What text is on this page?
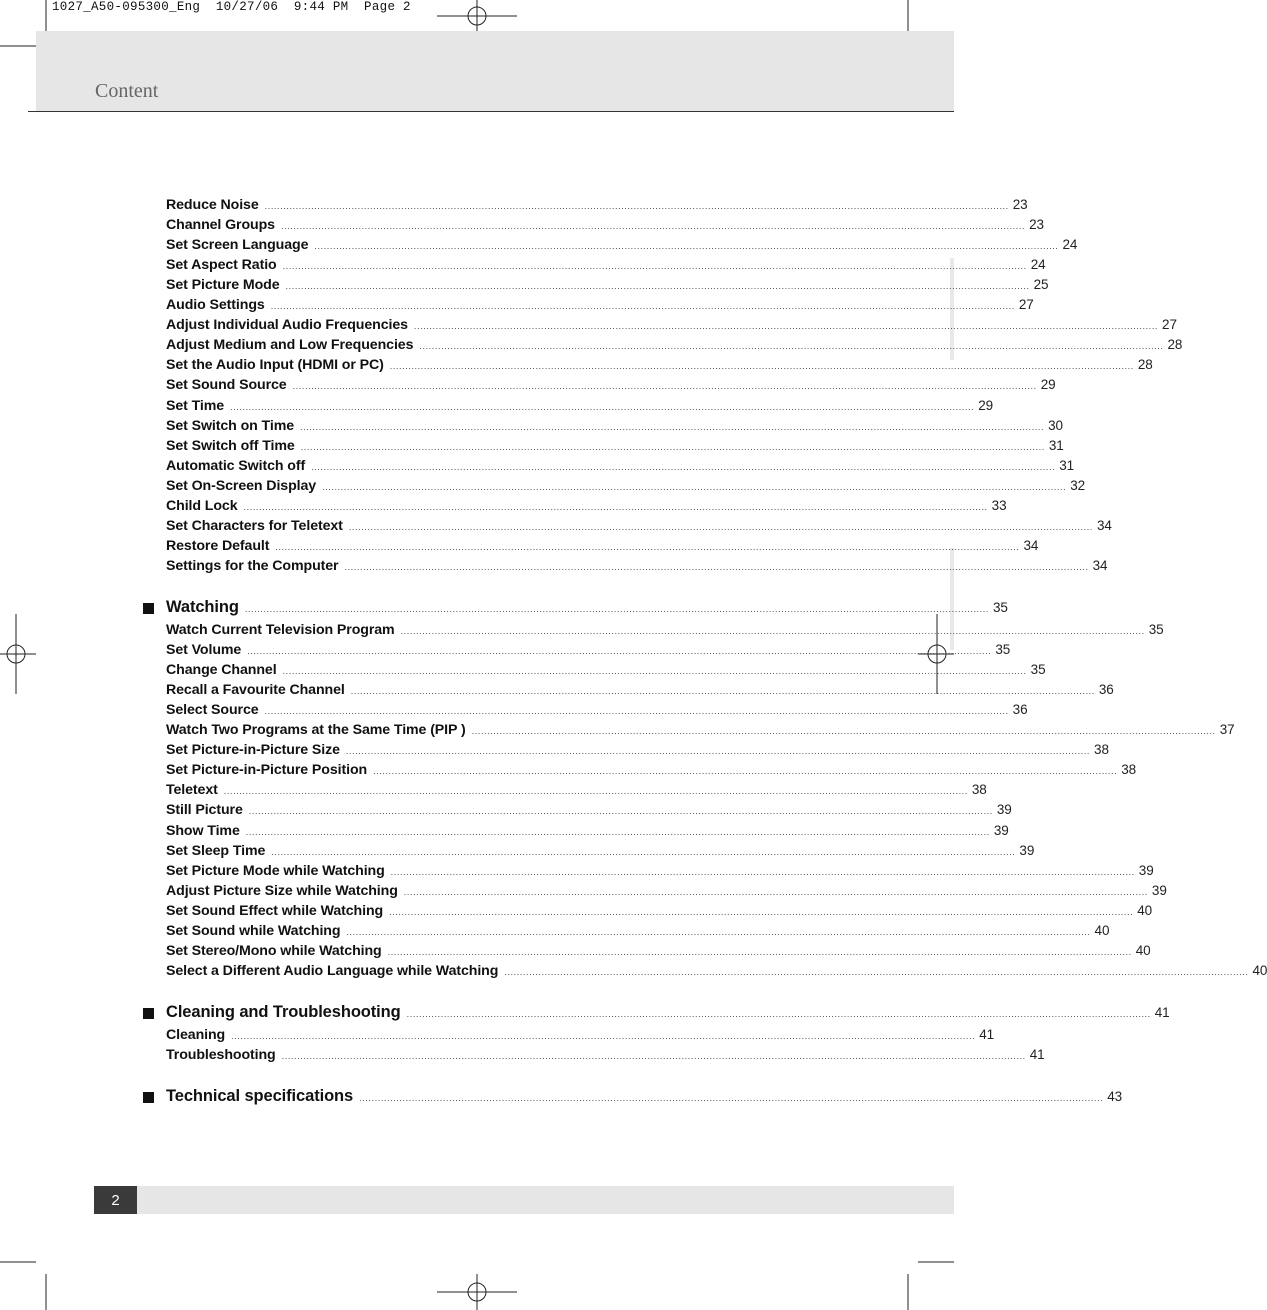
1027_A50-095300_Eng  10/27/06  9:44 PM  Page 2
Content
Reduce Noise ................................................................................................................................................................................................................................................ 23
Channel Groups ................................................................................................................................................................................................................................................ 23
Set Screen Language ................................................................................................................................................................................................................................................ 24
Set Aspect Ratio ................................................................................................................................................................................................................................................ 24
Set Picture Mode ................................................................................................................................................................................................................................................ 25
Audio Settings ................................................................................................................................................................................................................................................ 27
Adjust Individual Audio Frequencies ................................................................................................................................................................................................................................................ 27
Adjust Medium and Low Frequencies ................................................................................................................................................................................................................................................ 28
Set the Audio Input (HDMI or PC) ................................................................................................................................................................................................................................................ 28
Set Sound Source ................................................................................................................................................................................................................................................ 29
Set Time ................................................................................................................................................................................................................................................ 29
Set Switch on Time ................................................................................................................................................................................................................................................ 30
Set Switch off Time ................................................................................................................................................................................................................................................ 31
Automatic Switch off ................................................................................................................................................................................................................................................ 31
Set On-Screen Display ................................................................................................................................................................................................................................................ 32
Child Lock ................................................................................................................................................................................................................................................ 33
Set Characters for Teletext ................................................................................................................................................................................................................................................ 34
Restore Default ................................................................................................................................................................................................................................................ 34
Settings for the Computer ................................................................................................................................................................................................................................................ 34
Watching ................................................................................................................................................................................................................................................ 35
Watch Current Television Program ................................................................................................................................................................................................................................................ 35
Set Volume ................................................................................................................................................................................................................................................ 35
Change Channel ................................................................................................................................................................................................................................................ 35
Recall a Favourite Channel ................................................................................................................................................................................................................................................ 36
Select Source ................................................................................................................................................................................................................................................ 36
Watch Two Programs at the Same Time (PIP ) ................................................................................................................................................................................................................................................ 37
Set Picture-in-Picture Size ................................................................................................................................................................................................................................................ 38
Set Picture-in-Picture Position ................................................................................................................................................................................................................................................ 38
Teletext ................................................................................................................................................................................................................................................ 38
Still Picture ................................................................................................................................................................................................................................................ 39
Show Time ................................................................................................................................................................................................................................................ 39
Set Sleep Time ................................................................................................................................................................................................................................................ 39
Set Picture Mode while Watching ................................................................................................................................................................................................................................................ 39
Adjust Picture Size while Watching ................................................................................................................................................................................................................................................ 39
Set Sound Effect while Watching ................................................................................................................................................................................................................................................ 40
Set Sound while Watching ................................................................................................................................................................................................................................................ 40
Set Stereo/Mono while Watching ................................................................................................................................................................................................................................................ 40
Select a Different Audio Language while Watching ................................................................................................................................................................................................................................................ 40
Cleaning and Troubleshooting ................................................................................................................................................................................................................................................ 41
Cleaning ................................................................................................................................................................................................................................................ 41
Troubleshooting ................................................................................................................................................................................................................................................ 41
Technical specifications ................................................................................................................................................................................................................................................ 43
2
